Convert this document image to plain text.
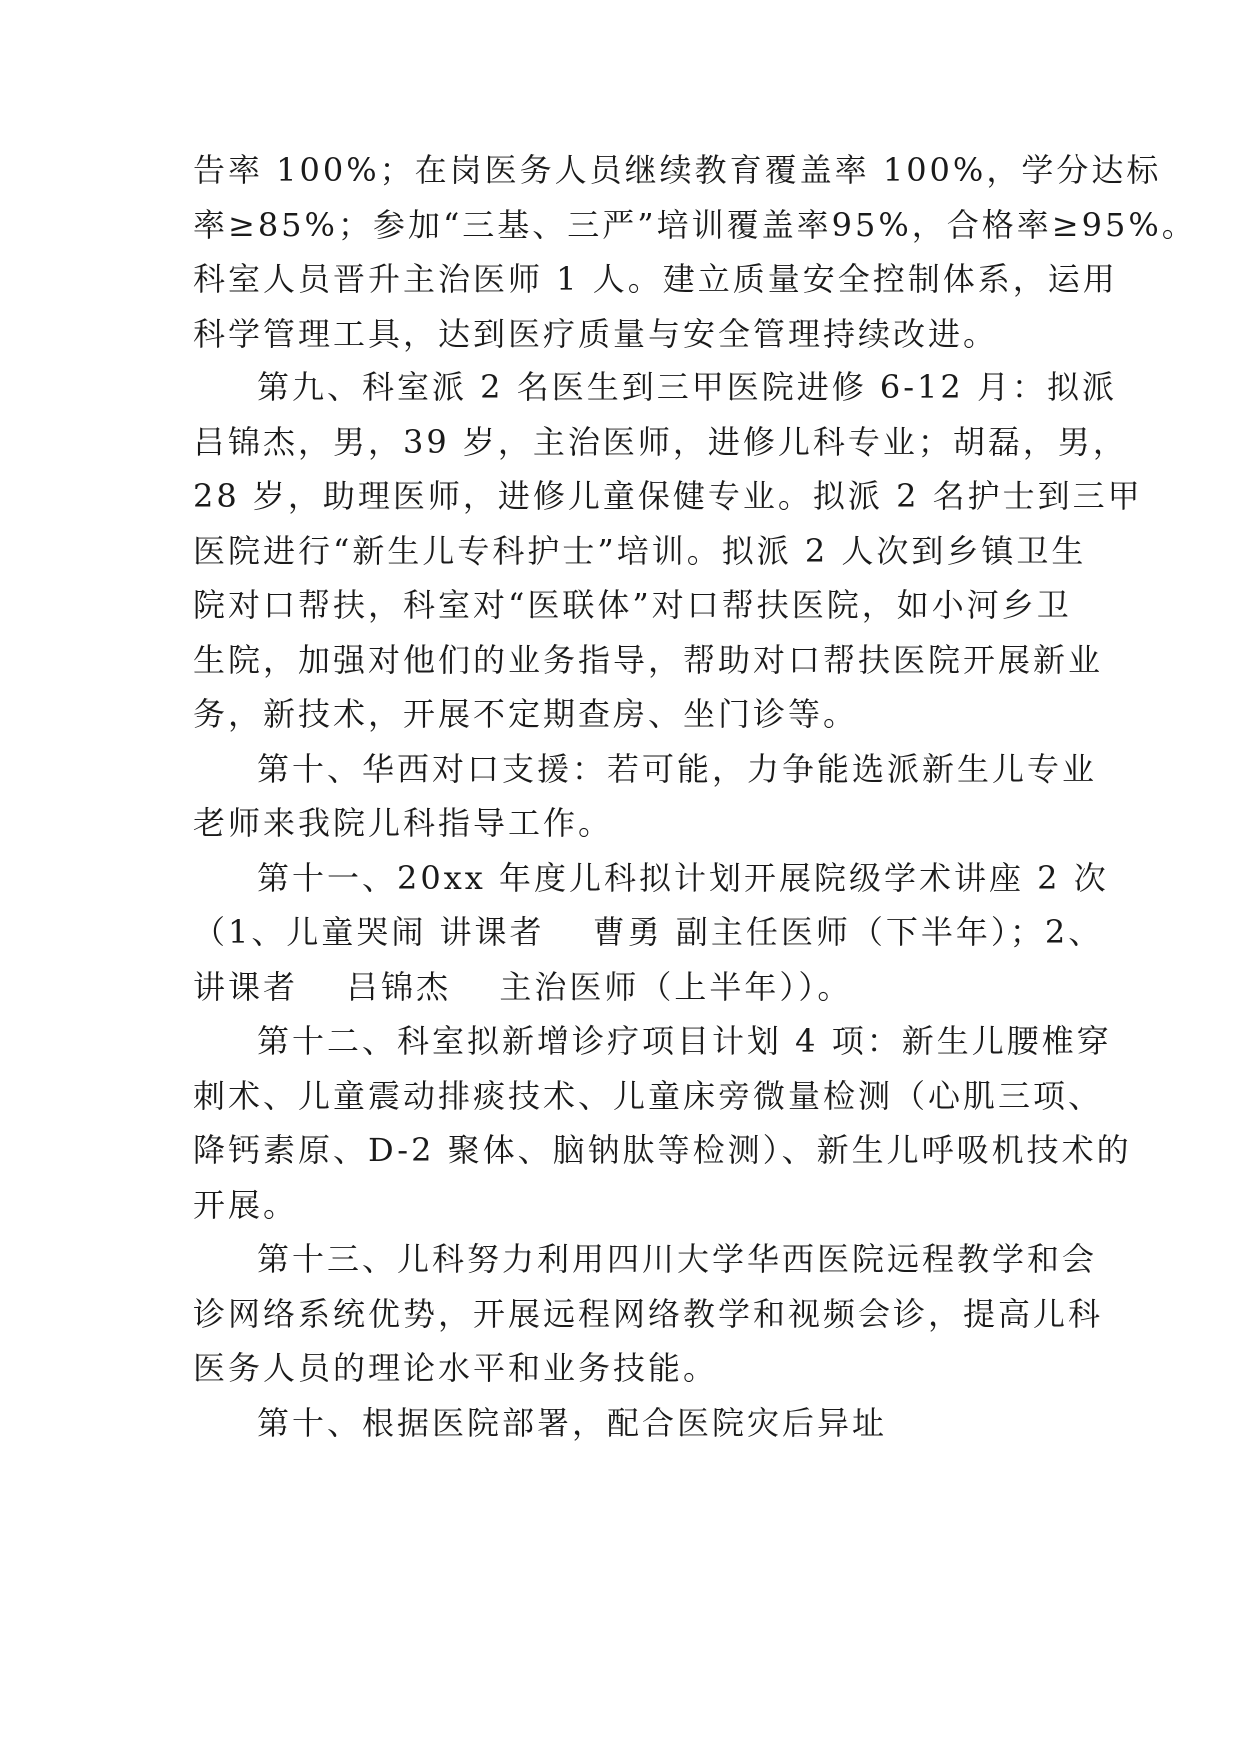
告率 100%；在岗医务人员继续教育覆盖率 100%，学分达标
率≥85%；参加“三基、三严”培训覆盖率95%，合格率≥95%。
科室人员晋升主治医师 1 人。建立质量安全控制体系，运用
科学管理工具，达到医疗质量与安全管理持续改进。
第九、科室派 2 名医生到三甲医院进修 6-12 月：拟派
吕锦杰，男，39 岁，主治医师，进修儿科专业；胡磊，男，
28 岁，助理医师，进修儿童保健专业。拟派 2 名护士到三甲
医院进行“新生儿专科护士”培训。拟派 2 人次到乡镇卫生
院对口帮扶，科室对“医联体”对口帮扶医院，如小河乡卫
生院，加强对他们的业务指导，帮助对口帮扶医院开展新业
务，新技术，开展不定期查房、坐门诊等。
第十、华西对口支援：若可能，力争能选派新生儿专业
老师来我院儿科指导工作。
第十一、20xx 年度儿科拟计划开展院级学术讲座 2 次
（1、儿童哭闹 讲课者　 曹勇 副主任医师（下半年）；2、
讲课者　 吕锦杰　 主治医师（上半年））。
第十二、科室拟新增诊疗项目计划 4 项：新生儿腰椎穿
刺术、儿童震动排痰技术、儿童床旁微量检测（心肌三项、
降钙素原、D-2 聚体、脑钠肽等检测）、新生儿呼吸机技术的
开展。
第十三、儿科努力利用四川大学华西医院远程教学和会
诊网络系统优势，开展远程网络教学和视频会诊，提高儿科
医务人员的理论水平和业务技能。
第十、根据医院部署，配合医院灾后异址
